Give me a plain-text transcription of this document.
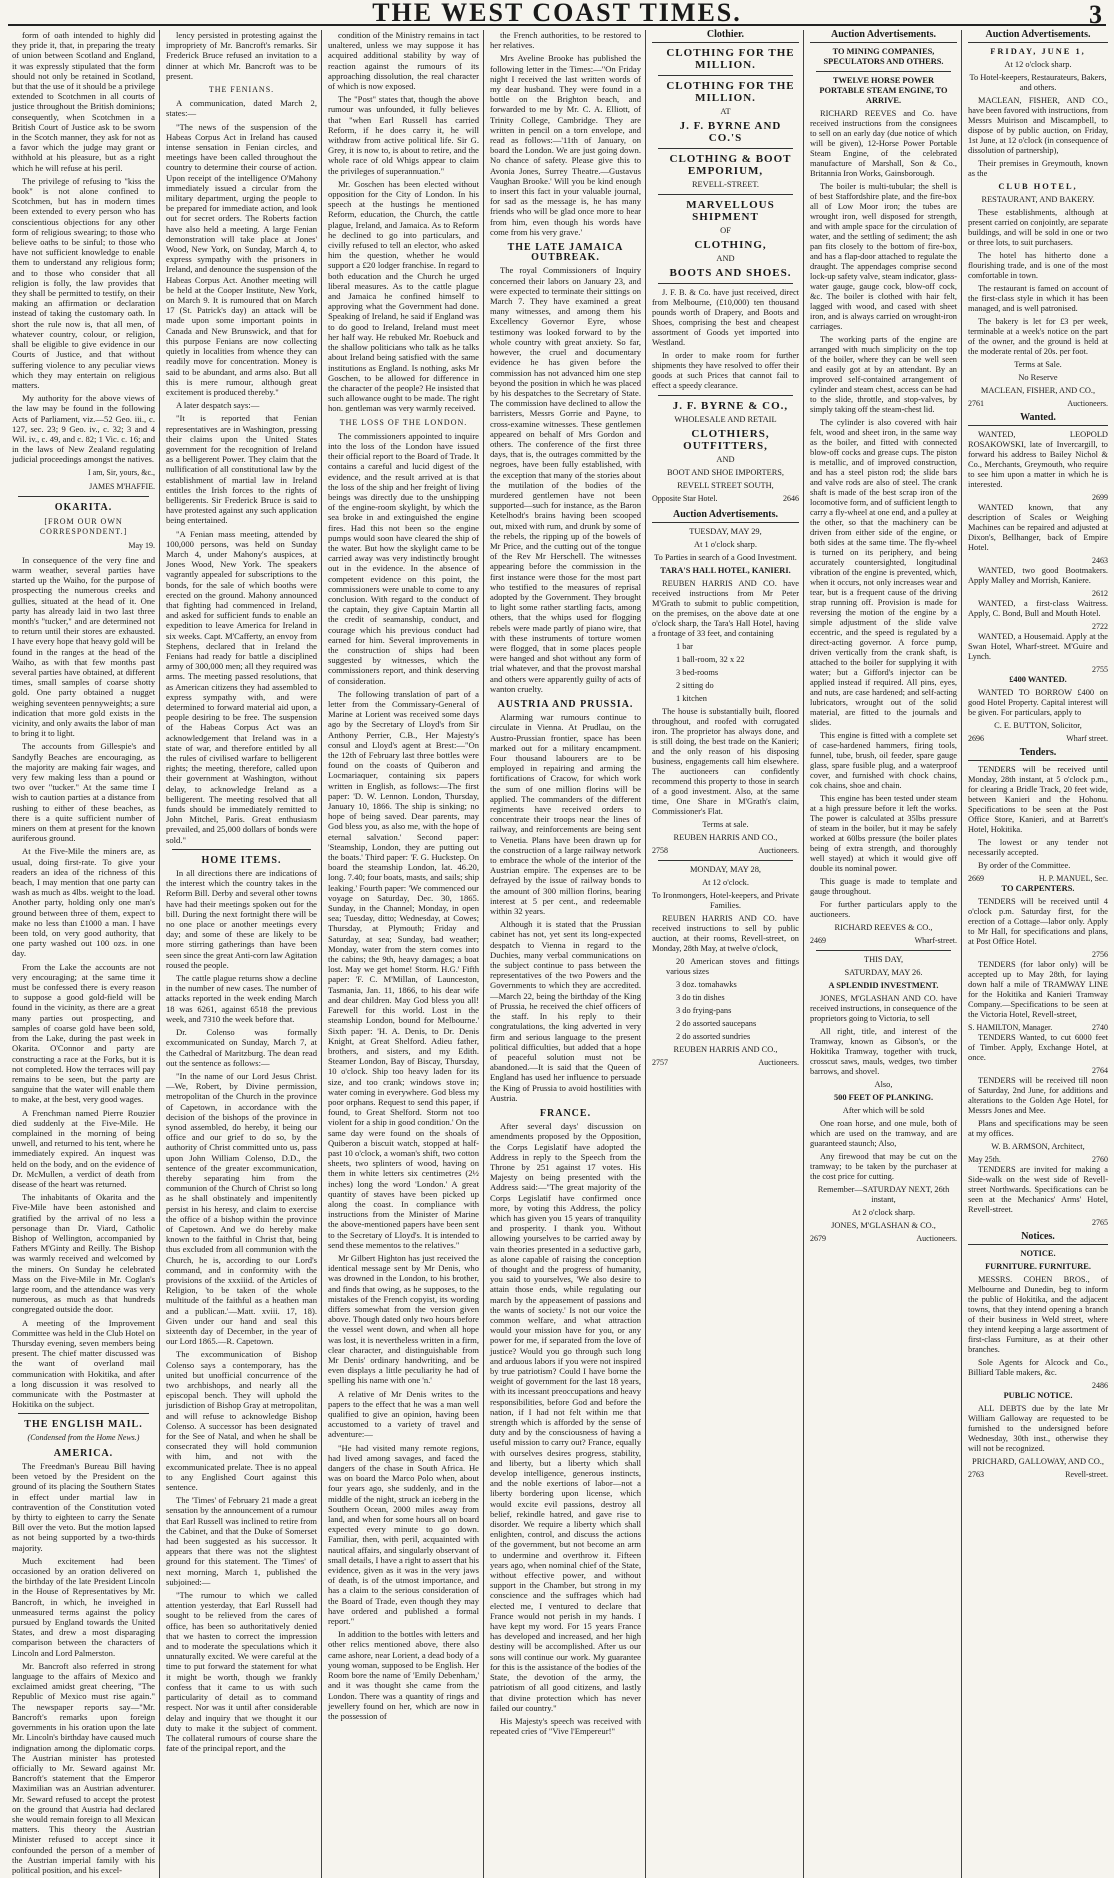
THE WEST COAST TIMES.	3

form of oath intended to highly did they pride it, that, in preparing the treaty of union between Scotland and England, it was expressly stipulated that the form should not only be retained in Scotland, but that the use of it should be a privilege extended to Scotchmen in all courts of justice throughout the British dominions; consequently, when Scotchmen in a British Court of Justice ask to be sworn in the Scotch manner, they ask for not as a favor which the judge may grant or withhold at his pleasure, but as a right which he will refuse at his peril.

The privilege of refusing to "kiss the book" is not alone confined to Scotchmen, but has in modern times been extended to every person who has conscientious objections for any other form of religious swearing; to those who believe oaths to be sinful; to those who have not sufficient knowledge to enable them to understand any religious form; and to those who consider that all religion is folly, the law provides that they shall be permitted to testify, on their making an affirmation or declaration instead of taking the customary oath. In short the rule now is, that all men, of whatever country, colour, or religion, shall be eligible to give evidence in our Courts of Justice, and that without suffering violence to any peculiar views which they may entertain on religious matters.

My authority for the above views of the law may be found in the following Acts of Parliament, viz.—52 Geo. iii., c. 127, sec. 23; 9 Geo. iv., c. 32; 3 and 4 Wil. iv., c. 49, and c. 82; 1 Vic. c. 16; and in the laws of New Zealand regulating judicial proceedings amongst the natives.

I am, Sir, yours, &c.,

JAMES M'HAFFIE.

OKARITA.

[FROM OUR OWN CORRESPONDENT.]

May 19.

In consequence of the very fine and warm weather, several parties have started up the Waiho, for the purpose of prospecting the numerous creeks and gullies, situated at the head of it. One party has already laid in two last three month's "tucker," and are determined not to return until their stores are exhausted. I have every hope that heavy gold will be found in the ranges at the head of the Waiho, as with that few months past several parties have obtained, at different times, small samples of coarse shotty gold. One party obtained a nugget weighing seventeen pennyweights; a sure indication that more gold exists in the vicinity, and only awaits the labor of man to bring it to light.

The accounts from Gillespie's and Sandyfly Beaches are encouraging, as the majority are making fair wages, and very few making less than a pound or two over "tucker." At the same time I wish to caution parties at a distance from rushing to either of these beaches, as there is a quite sufficient number of miners on them at present for the known auriferous ground.

At the Five-Mile the miners are, as usual, doing first-rate. To give your readers an idea of the richness of this beach, I may mention that one party can wash as much as 4lbs. weight to the load. Another party, holding only one man's ground between three of them, expect to make no less than £1000 a man. I have been told, on very good authority, that one party washed out 100 ozs. in one day.

From the Lake the accounts are not very encouraging; at the same time it must be confessed there is every reason to suppose a good gold-field will be found in the vicinity, as there are a great many parties out prospecting, and samples of coarse gold have been sold, from the Lake, during the past week in Okarita. O'Connor and party are constructing a race at the Forks, but it is not completed. How the terraces will pay remains to be seen, but the party are sanguine that the water will enable them to make, at the best, very good wages.

A Frenchman named Pierre Rouzier died suddenly at the Five-Mile. He complained in the morning of being unwell, and returned to his tent, where he immediately expired. An inquest was held on the body, and on the evidence of Dr. McMullen, a verdict of death from disease of the heart was returned.

The inhabitants of Okarita and the Five-Mile have been astonished and gratified by the arrival of no less a personage than Dr. Viard, Catholic Bishop of Wellington, accompanied by Fathers M'Ginty and Reilly. The Bishop was warmly received and welcomed by the miners. On Sunday he celebrated Mass on the Five-Mile in Mr. Coglan's large room, and the attendance was very numerous, as much as that hundreds congregated outside the door.

A meeting of the Improvement Committee was held in the Club Hotel on Thursday evening, seven members being present. The chief matter discussed was the want of overland mail communication with Hokitika, and after a long discussion it was resolved to communicate with the Postmaster at Hokitika on the subject.

THE ENGLISH MAIL.

(Condensed from the Home News.)

AMERICA.

The Freedman's Bureau Bill having been vetoed by the President on the ground of its placing the Southern States in effect under martial law in contravention of the Constitution voted by thirty to eighteen to carry the Senate Bill over the veto. But the motion lapsed as not being supported by a two-thirds majority.

Much excitement had been occasioned by an oration delivered on the birthday of the late President Lincoln in the House of Representatives by Mr. Bancroft, in which, he inveighed in unmeasured terms against the policy pursued by England towards the United States, and drew a most disparaging comparison between the characters of Lincoln and Lord Palmerston.

Mr. Bancroft also referred in strong language to the affairs of Mexico and exclaimed amidst great cheering, "The Republic of Mexico must rise again." The newspaper reports say—"Mr. Bancroft's remarks upon foreign governments in his oration upon the late Mr. Lincoln's birthday have caused much indignation among the diplomatic corps. The Austrian minister has protested officially to Mr. Seward against Mr. Bancroft's statement that the Emperor Maximilian was an Austrian adventurer. Mr. Seward refused to accept the protest on the ground that Austria had declared she would remain foreign to all Mexican matters. This theory the Austrian Minister refused to accept since it confounded the person of a member of the Austrian imperial family with his political position, and his excel-

lency persisted in protesting against the impropriety of Mr. Bancroft's remarks. Sir Frederick Bruce refused an invitation to a dinner at which Mr. Bancroft was to be present.

THE FENIANS.

A communication, dated March 2, states:—

"The news of the suspension of the Habeas Corpus Act in Ireland has caused intense sensation in Fenian circles, and meetings have been called throughout the country to determine their course of action. Upon receipt of the intelligence O'Mahony immediately issued a circular from the military department, urging the people to be prepared for immediate action, and look out for secret orders. The Roberts faction have also held a meeting. A large Fenian demonstration will take place at Jones' Wood, New York, on Sunday, March 4, to express sympathy with the prisoners in Ireland, and denounce the suspension of the Habeas Corpus Act. Another meeting will be held at the Cooper Institute, New York, on March 9. It is rumoured that on March 17 (St. Patrick's day) an attack will be made upon some important points in Canada and New Brunswick, and that for this purpose Fenians are now collecting quietly in localities from whence they can readily move for concentration. Money is said to be abundant, and arms also. But all this is mere rumour, although great excitement is produced thereby."

A later despatch says:—

"It is reported that Fenian representatives are in Washington, pressing their claims upon the United States government for the recognition of Ireland as a belligerent Power. They claim that the nullification of all constitutional law by the establishment of martial law in Ireland entitles the Irish forces to the rights of belligerents. Sir Frederick Bruce is said to have protested against any such application being entertained.

"A Fenian mass meeting, attended by 100,000 persons, was held on Sunday March 4, under Mahony's auspices, at Jones Wood, New York. The speakers vagrantly appealed for subscriptions to the bonds, for the sale of which booths were erected on the ground. Mahony announced that fighting had commenced in Ireland, and asked for sufficient funds to enable an expedition to leave America for Ireland in six weeks. Capt. M'Cafferty, an envoy from Stephens, declared that in Ireland the Fenians had ready for battle a disciplined army of 300,000 men; all they required was arms. The meeting passed resolutions, that as American citizens they had assembled to express sympathy with, and were determined to forward material aid upon, a people desiring to be free. The suspension of the Habeas Corpus Act was an acknowledgement that Ireland was in a state of war, and therefore entitled by all the rules of civilised warfare to belligerent rights; the meeting, therefore, called upon their government at Washington, without delay, to acknowledge Ireland as a belligerent. The meeting resolved that all funds should be immediately remitted to John Mitchel, Paris. Great enthusiasm prevailed, and 25,000 dollars of bonds were sold."

HOME ITEMS.

In all directions there are indications of the interest which the country takes in the Reform Bill. Derby and several other towns have had their meetings spoken out for the bill. During the next fortnight there will be no one place or another meetings every day; and some of these are likely to be more stirring gatherings than have been seen since the great Anti-corn law Agitation roused the people.

The cattle plague returns show a decline in the number of new cases. The number of attacks reported in the week ending March 18 was 6261, against 6518 the previous week, and 7310 the week before that.

Dr. Colenso was formally excommunicated on Sunday, March 7, at the Cathedral of Maritzburg. The dean read out the sentence as follows:—

"In the name of our Lord Jesus Christ. —We, Robert, by Divine permission, metropolitan of the Church in the province of Capetown, in accordance with the decision of the bishops of the province in synod assembled, do hereby, it being our office and our grief to do so, by the authority of Christ committed unto us, pass upon John William Colenso, D.D., the sentence of the greater excommunication, thereby separating him from the communion of the Church of Christ so long as he shall obstinately and impenitently persist in his heresy, and claim to exercise the office of a bishop within the province of Capetown. And we do hereby make known to the faithful in Christ that, being thus excluded from all communion with the Church, he is, according to our Lord's command, and in conformity with the provisions of the xxxiiid. of the Articles of Religion, 'to be taken of the whole multitude of the faithful as a heathen man and a publican.'—Matt. xviii. 17, 18). Given under our hand and seal this sixteenth day of December, in the year of our Lord 1865.—R. Capetown.

The excommunication of Bishop Colenso says a contemporary, has the united but unofficial concurrence of the two archbishops, and nearly all the episcopal bench. They will uphold the jurisdiction of Bishop Gray at metropolitan, and will refuse to acknowledge Bishop Colenso. A successor has been designated for the See of Natal, and when he shall be consecrated they will hold communion with him, and not with the excommunicated prelate. Thee is no appeal to any Englished Court against this sentence.

The 'Times' of February 21 made a great sensation by the announcement of a rumour that Earl Russell was inclined to retire from the Cabinet, and that the Duke of Somerset had been suggested as his successor. It appears that there was not the slightest ground for this statement. The 'Times' of next morning, March 1, published the subjoined:—

"The rumour to which we called attention yesterday, that Earl Russell had sought to be relieved from the cares of office, has been so authoritatively denied that we hasten to correct the impression and to moderate the speculations which it unnaturally excited. We were careful at the time to put forward the statement for what it might be worth, though we frankly confess that it came to us with such particularity of detail as to command respect. Nor was it until after considerable delay and inquiry that we thought it our duty to make it the subject of comment. The collateral rumours of course share the fate of the principal report, and the

condition of the Ministry remains in tact unaltered, unless we may suppose it has acquired additional stability by way of reaction against the rumours of its approaching dissolution, the real character of which is now exposed.

The "Post" states that, though the above rumour was unfounded, it fully believes that "when Earl Russell has carried Reform, if he does carry it, he will withdraw from active political life. Sir G. Grey, it is now to, is about to retire, and the whole race of old Whigs appear to claim the privileges of superannuation."

Mr. Goschen has been elected without opposition for the City of London. In his speech at the hustings he mentioned Reform, education, the Church, the cattle plague, Ireland, and Jamaica. As to Reform he declined to go into particulars, and civilly refused to tell an elector, who asked him the question, whether he would support a £20 lodger franchise. In regard to both education and the Church he urged liberal measures. As to the cattle plague and Jamaica he confined himself to approving what the Government had done. Speaking of Ireland, he said if England was to do good to Ireland, Ireland must meet her half way. He rebuked Mr. Roebuck and the shallow politicians who talk as he talks about Ireland being satisfied with the same institutions as England. Is nothing, asks Mr Goschen, to be allowed for difference in the character of the people? He insisted that such allowance ought to be made. The right hon. gentleman was very warmly received.

THE LOSS OF THE LONDON.

The commissioners appointed to inquire into the loss of the London have issued their official report to the Board of Trade. It contains a careful and lucid digest of the evidence, and the result arrived at is that the loss of the ship and her freight of living beings was directly due to the unshipping of the engine-room skylight, by which the sea broke in and extinguished the engine fires. Had this not been so the engine pumps would soon have cleared the ship of the water. But how the skylight came to be carried away was very indistinctly brought out in the evidence. In the absence of competent evidence on this point, the commissioners were unable to come to any conclusion. With regard to the conduct of the captain, they give Captain Martin all the credit of seamanship, conduct, and courage which his previous conduct had earned for him. Several improvements in the construction of ships had been suggested by witnesses, which the commissioners report, and think deserving of consideration.

The following translation of part of a letter from the Commissary-General of Marine at Lorient was received some days ago by the Secretary of Lloyd's from Sir Anthony Perrier, C.B., Her Majesty's consul and Lloyd's agent at Brest:—"On the 12th of February last three bottles were found on the coasts of Quiberon and Locmariaquer, containing six papers written in English, as follows:—The first paper: 'D. W. Lennon. London, Thursday, January 10, 1866. The ship is sinking; no hope of being saved. Dear parents, may God bless you, as also me, with the hope of eternal salvation.' Second paper: 'Steamship, London, they are putting out the boats.' Third paper: 'F. G. Huckstep. On board the steamship London, lat. 46.20, long. 7.40; four boats, masts, and sails; ship leaking.' Fourth paper: 'We commenced our voyage on Saturday, Dec. 30, 1865. Sunday, in the Channel; Monday, in open sea; Tuesday, ditto; Wednesday, at Cowes; Thursday, at Plymouth; Friday and Saturday, at sea; Sunday, bad weather; Monday, water from the stern comes into the cabins; the 9th, heavy damages; a boat lost. May we get home! Storm. H.G.' Fifth paper: 'F. C. M'Millan, of Launceston, Tasmania, Jan. 11, 1866, to his dear wife and dear children. May God bless you all! Farewell for this world. Lost in the steamship London, bound for Melbourne.' Sixth paper: 'H. A. Denis, to Dr. Denis Knight, at Great Shelford. Adieu father, brothers, and sisters, and my Edith. Steamer London, Bay of Biscay, Thursday, 10 o'clock. Ship too heavy laden for its size, and too crank; windows stove in; water coming in everywhere. God bless my poor orphans. Request to send this paper, if found, to Great Shelford. Storm not too violent for a ship in good condition.' On the same day were found on the shoals of Quiberon a biscuit watch, stopped at half-past 10 o'clock, a woman's shift, two cotton sheets, two splinters of wood, having on them in white letters six centimetres (2½ inches) long the word 'London.' A great quantity of staves have been picked up along the coast. In compliance with instructions from the Minister of Marine the above-mentioned papers have been sent to the Secretary of Lloyd's. It is intended to send these mementos to the relatives."

Mr Gilbert Highton has just received the identical message sent by Mr Denis, who was drowned in the London, to his brother, and finds that owing, as he supposes, to the mistakes of the French copyist, its wording differs somewhat from the version given above. Though dated only two hours before the vessel went down, and when all hope was lost, it is nevertheless written in a firm, clear character, and distinguishable from Mr Denis' ordinary handwriting, and be even displays a little peculiarity he had of spelling his name with one 'n.'

A relative of Mr Denis writes to the papers to the effect that he was a man well qualified to give an opinion, having been accustomed to a variety of travel and adventure:—

"He had visited many remote regions, had lived among savages, and faced the dangers of the chase in South Africa. He was on board the Marco Polo when, about four years ago, she suddenly, and in the middle of the night, struck an iceberg in the Southern Ocean, 2000 miles away from land, and when for some hours all on board expected every minute to go down. Familiar, then, with peril, acquainted with nautical affairs, and singularly observant of small details, I have a right to assert that his evidence, given as it was in the very jaws of death, is of the utmost importance, and has a claim to the serious consideration of the Board of Trade, even though they may have ordered and published a formal report."

In addition to the bottles with letters and other relics mentioned above, there also came ashore, near Lorient, a dead body of a young woman, supposed to be English. Her Room bore the name of 'Emily Debenham,' and it was thought she came from the London. There was a quantity of rings and jewellery found on her, which are now in the possession of

the French authorities, to be restored to her relatives.

Mrs Aveline Brooke has published the following letter in the Times:—"On Friday night I received the last written words of my dear husband. They were found in a bottle on the Brighton beach, and forwarded to me by Mr. C. A. Elliott, of Trinity College, Cambridge. They are written in pencil on a torn envelope, and read as follows:—'11th of January, on board the London. We are just going down. No chance of safety. Please give this to Avonia Jones, Surrey Theatre.—Gustavus Vaughan Brooke.' Will you be kind enough to insert this fact in your valuable journal, for sad as the message is, he has many friends who will be glad once more to hear from him, even though his words have come from his very grave.'

THE LATE JAMAICA OUTBREAK.

The royal Commissioners of Inquiry concerned their labors on January 23, and were expected to terminate their sittings on March 7. They have examined a great many witnesses, and among them his Excellency Governor Eyre, whose testimony was looked forward to by the whole country with great anxiety. So far, however, the cruel and documentary evidence he has given before the commission has not advanced him one step beyond the position in which he was placed by his despatches to the Secretary of State. The commission have declined to allow the barristers, Messrs Gorrie and Payne, to cross-examine witnesses. These gentlemen appeared on behalf of Mrs Gordon and others. The conference of the first three days, that is, the outrages committed by the negroes, have been fully established, with the exception that many of the stories about the mutilation of the bodies of the murdered gentlemen have not been supported—such for instance, as the Baron Ketelhodt's brains having been scooped out, mixed with rum, and drunk by some of the rebels, the ripping up of the bowels of Mr Price, and the cutting out of the tongue of the Rev Mr Herschell. The witnesses appearing before the commission in the first instance were those for the most part who testified to the measures of reprisal adopted by the Government. They brought to light some rather startling facts, among others, that the whips used for flogging rebels were made partly of piano wire, that with these instruments of torture women were flogged, that in some places people were hanged and shot without any form of trial whatever, and that the provost marshal and others were apparently guilty of acts of wanton cruelty.

AUSTRIA AND PRUSSIA.

Alarming war rumours continue to circulate in Vienna. At Prudlau, on the Austro-Prussian frontier, space has been marked out for a military encampment. Four thousand labourers are to be employed in repairing and arming the fortifications of Cracow, for which work the sum of one million florins will be applied. The commanders of the different regiments have received orders to concentrate their troops near the lines of railway, and reinforcements are being sent to Venetia. Plans have been drawn up for the construction of a large railway network to embrace the whole of the interior of the Austrian empire. The expenses are to be defrayed by the issue of railway bonds to the amount of 300 million florins, bearing interest at 5 per cent., and redeemable within 32 years.

Although it is stated that the Prussian cabinet has not, yet sent its long-expected despatch to Vienna in regard to the Duchies, many verbal communications on the subject continue to pass between the representatives of the two Powers and the Governments to which they are accredited. —March 22, being the birthday of the King of Prussia, he received the chief officers of the staff. In his reply to their congratulations, the king adverted in very firm and serious language to the present political difficulties, but added that a hope of peaceful solution must not be abandoned.—It is said that the Queen of England has used her influence to persuade the King of Prussia to avoid hostilities with Austria.

FRANCE.

After several days' discussion on amendments proposed by the Opposition, the Corps Legislatif have adopted the Address in reply to the Speech from the Throne by 251 against 17 votes. His Majesty on being presented with the Address said:—"The great majority of the Corps Legislatif have confirmed once more, by voting this Address, the policy which has given you 15 years of tranquility and prosperity. I thank you. Without allowing yourselves to be carried away by vain theories presented in a seductive garb, as alone capable of raising the conception of thought and the progress of humanity, you said to yourselves, 'We also desire to attain those ends, while regulating our march by the appeasement of passions and the wants of society.' Is not our voice the common welfare, and what attraction would your mission have for you, or any power for me, if separated from the love of justice? Would you go through such long and arduous labors if you were not inspired by true patriotism? Could I have borne the weight of government for the last 18 years, with its incessant preoccupations and heavy responsibilities, before God and before the nation, if I had not felt within me that strength which is afforded by the sense of duty and by the consciousness of having a useful mission to carry out? France, equally with ourselves desires progress, stability, and liberty, but a liberty which shall develop intelligence, generous instincts, and the noble exertions of labor—not a liberty bordering upon license, which would excite evil passions, destroy all belief, rekindle hatred, and gave rise to disorder. We require a liberty which shall enlighten, control, and discuss the actions of the government, but not become an arm to undermine and overthrow it. Fifteen years ago, when nominal chief of the State, without effective power, and without support in the Chamber, but strong in my conscience and the suffrages which had elected me, I ventured to declare that France would not perish in my hands. I have kept my word. For 15 years France has developed and increased, and her high destiny will be accomplished. After us our sons will continue our work. My guarantee for this is the assistance of the bodies of the State, the devotion of the army, the patriotism of all good citizens, and lastly that divine protection which has never failed our country."

His Majesty's speech was received with repeated cries of "Vive l'Empereur!"

Clothier.

CLOTHING FOR THE MILLION.

CLOTHING FOR THE MILLION.

AT

J. F. BYRNE AND CO.'S

CLOTHING & BOOT EMPORIUM,

REVELL-STREET.

MARVELLOUS SHIPMENT

OF

CLOTHING,

AND

BOOTS AND SHOES.

J. F. B. & Co. have just received, direct from Melbourne, (£10,000) ten thousand pounds worth of Drapery, and Boots and Shoes, comprising the best and cheapest assortment of Goods yet imported into Westland.

In order to make room for further shipments they have resolved to offer their goods at such Prices that cannot fail to effect a speedy clearance.

J. F. BYRNE & CO.,

WHOLESALE AND RETAIL

CLOTHIERS, OUTFITTERS,

AND

BOOT AND SHOE IMPORTERS,

REVELL STREET SOUTH,

Opposite Star Hotel.	2646
Auction Advertisements.

TUESDAY, MAY 29,

At 1 o'clock sharp.

To Parties in search of a Good Investment.

TARA'S HALL HOTEL, KANIERI.

REUBEN HARRIS AND CO. have received instructions from Mr Peter M'Grath to submit to public competition, on the premises, on the above date at one o'clock sharp, the Tara's Hall Hotel, having a frontage of 33 feet, and containing

1 bar

1 ball-room, 32 x 22

3 bed-rooms

2 sitting do

1 kitchen

The house is substantially built, floored throughout, and roofed with corrugated iron. The proprietor has always done, and is still doing, the best trade on the Kanieri; and the only reason of his disposing business, engagements call him elsewhere. The auctioneers can confidently recommend this property to those in search of a good investment. Also, at the same time, One Share in M'Grath's claim, Commissioner's Flat.

Terms at sale.

REUBEN HARRIS AND CO.,

2758	Auctioneers.

MONDAY, MAY 28,

At 12 o'clock.

To Ironmongers, Hotel-keepers, and Private Families.

REUBEN HARRIS AND CO. have received instructions to sell by public auction, at their rooms, Revell-street, on Monday, 28th May, at twelve o'clock,

20 American stoves and fittings various sizes

3 doz. tomahawks

3 do tin dishes

3 do frying-pans

2 do assorted saucepans

2 do assorted sundries

REUBEN HARRIS AND CO.,

2757	Auctioneers.
Auction Advertisements.

TO MINING COMPANIES, SPECULATORS AND OTHERS.

TWELVE HORSE POWER PORTABLE STEAM ENGINE, TO ARRIVE.

RICHARD REEVES and Co. have received instructions from the consignees to sell on an early day (due notice of which will be given), 12-Horse Power Portable Steam Engine, of the celebrated manufacture of Marshall, Son & Co., Britannia Iron Works, Gainsborough.

The boiler is multi-tubular; the shell is of best Staffordshire plate, and the fire-box all of Low Moor iron; the tubes are wrought iron, well disposed for strength, and with ample space for the circulation of water, and the settling of sediment; the ash pan fits closely to the bottom of fire-box, and has a flap-door attached to regulate the draught. The appendages comprise second lock-up safety valve, steam indicator, glass-water gauge, gauge cock, blow-off cock, &c. The boiler is clothed with hair felt, lagged with wood, and cased with sheet iron, and is always carried on wrought-iron carriages.

The working parts of the engine are arranged with much simplicity on the top of the boiler, where they can be well seen and easily got at by an attendant. By an improved self-contained arrangement of cylinder and steam chest, access can be had to the slide, throttle, and stop-valves, by simply taking off the steam-chest lid.

The cylinder is also covered with hair felt, wood and sheet iron, in the same way as the boiler, and fitted with connected blow-off cocks and grease cups. The piston is metallic, and of improved construction, and has a steel piston rod; the slide bars and valve rods are also of steel. The crank shaft is made of the best scrap iron of the locomotive form, and of sufficient length to carry a fly-wheel at one end, and a pulley at the other, so that the machinery can be driven from either side of the engine, or both sides at the same time. The fly-wheel is turned on its periphery, and being accurately countersighted, longitudinal vibration of the engine is prevented, which, when it occurs, not only increases wear and tear, but is a frequent cause of the driving strap running off. Provision is made for reversing the motion of the engine by a simple adjustment of the slide valve eccentric, and the speed is regulated by a direct-acting governor. A force pump, driven vertically from the crank shaft, is attached to the boiler for supplying it with water; but a Gifford's injector can be applied instead if required. All pins, eyes, and nuts, are case hardened; and self-acting lubricators, wrought out of the solid material, are fitted to the journals and slides.

This engine is fitted with a complete set of case-hardened hammers, firing tools, funnel, tube, brush, oil feeder, spare gauge glass, spare fusible plug, and a waterproof cover, and furnished with chock chains, cok chains, shoe and chain.

This engine has been tested under steam at a high pressure before it left the works. The power is calculated at 35lbs pressure of steam in the boiler, but it may be safely worked at 60lbs pressure (the boiler plates being of extra strength, and thoroughly well stayed) at which it would give off double its nominal power.

This guage is made to template and gauge throughout.

For further particulars apply to the auctioneers.

RICHARD REEVES & CO.,

2469	Wharf-street.

THIS DAY,

SATURDAY, MAY 26.

A SPLENDID INVESTMENT.

JONES, M'GLASHAN AND CO. have received instructions, in consequence of the proprietors going to Victoria, to sell

All right, title, and interest of the Tramway, known as Gibson's, or the Hokitika Tramway, together with truck, crosscut saws, mauls, wedges, two timber barrows, and shovel.

Also,

500 FEET OF PLANKING.

After which will be sold

One roan horse, and one mule, both of which are used on the tramway, and are guaranteed staunch; Also,

Any firewood that may be cut on the tramway; to be taken by the purchaser at the cost price for cutting.

Remember—SATURDAY NEXT, 26th instant,

At 2 o'clock sharp.

JONES, M'GLASHAN & CO.,

2679	Auctioneers.
Auction Advertisements.

FRIDAY, JUNE 1,

At 12 o'clock sharp.

To Hotel-keepers, Restaurateurs, Bakers, and others.

MACLEAN, FISHER, AND CO., have been favored with instructions, from Messrs Muirison and Miscampbell, to dispose of by public auction, on Friday, 1st June, at 12 o'clock (in consequence of dissolution of partnership),

Their premises in Greymouth, known as the

CLUB HOTEL,

RESTAURANT, AND BAKERY.

These establishments, although at present carried on conjointly, are separate buildings, and will be sold in one or two or three lots, to suit purchasers.

The hotel has hitherto done a flourishing trade, and is one of the most comfortable in town.

The restaurant is famed on account of the first-class style in which it has been managed, and is well patronised.

The bakery is let for £3 per week, terminable at a week's notice on the part of the owner, and the ground is held at the moderate rental of 20s. per foot.

Terms at Sale.

No Reserve

MACLEAN, FISHER, AND CO.,

2761	Auctioneers.
Wanted.

WANTED, LEOPOLD ROSAKOWSKI, late of Invercargill, to forward his address to Bailey Nichol & Co., Merchants, Greymouth, who require to see him upon a matter in which he is interested.

2699

WANTED known, that any description of Scales or Weighing Machines can be repaired and adjusted at Dixon's, Bellhanger, back of Empire Hotel.

2463

WANTED, two good Bootmakers. Apply Malley and Morrish, Kaniere.

2612

WANTED, a first-class Waitress. Apply, C. Bond, Bull and Mouth Hotel.

2722

WANTED, a Housemaid. Apply at the Swan Hotel, Wharf-street. M'Guire and Lynch.

2755

£400 WANTED.

WANTED TO BORROW £400 on good Hotel Property. Capital interest will be given. For particulars, apply to

C. E. BUTTON, Solicitor,

2696	Wharf street.
Tenders.

TENDERS will be received until Monday, 28th instant, at 5 o'clock p.m., for clearing a Bridle Track, 20 feet wide, between Kanieri and the Hohonu. Specifications to be seen at the Post Office Store, Kanieri, and at Barrett's Hotel, Hokitika.

The lowest or any tender not necessarily accepted.

By order of the Committee.

2669	H. P. MANUEL, Sec.

TO CARPENTERS.

TENDERS will be received until 4 o'clock p.m. Saturday first, for the erection of a Cottage—labor only. Apply to Mr Hall, for specifications and plans, at Post Office Hotel.

2756

TENDERS (for labor only) will be accepted up to May 28th, for laying down half a mile of TRAMWAY LINE for the Hokitika and Kanieri Tramway Company.—Specifications to be seen at the Victoria Hotel, Revell-street,

S. HAMILTON, Manager.	2740

TENDERS Wanted, to cut 6000 feet of Timber. Apply, Exchange Hotel, at once.

2764

TENDERS will be received till noon of Saturday, 2nd June, for additions and alterations to the Golden Age Hotel, for Messrs Jones and Mee.

Plans and specifications may be seen at my offices.

W. B. ARMSON, Architect,

May 25th.	2760

TENDERS are invited for making a Side-walk on the west side of Revell-street Northwards. Specifications can be seen at the Mechanics' Arms' Hotel, Revell-street.

2765
Notices.

NOTICE.

FURNITURE. FURNITURE.

MESSRS. COHEN BROS., of Melbourne and Dunedin, beg to inform the public of Hokitika, and the adjacent towns, that they intend opening a branch of their business in Weld street, where they intend keeping a large assortment of first-class Furniture, as at their other branches.

Sole Agents for Alcock and Co., Billiard Table makers, &c.

2486

PUBLIC NOTICE.

ALL DEBTS due by the late Mr William Galloway are requested to be furnished to the undersigned before Wednesday, 30th inst., otherwise they will not be recognized.

PRICHARD, GALLOWAY, AND CO.,

2763	Revell-street.
